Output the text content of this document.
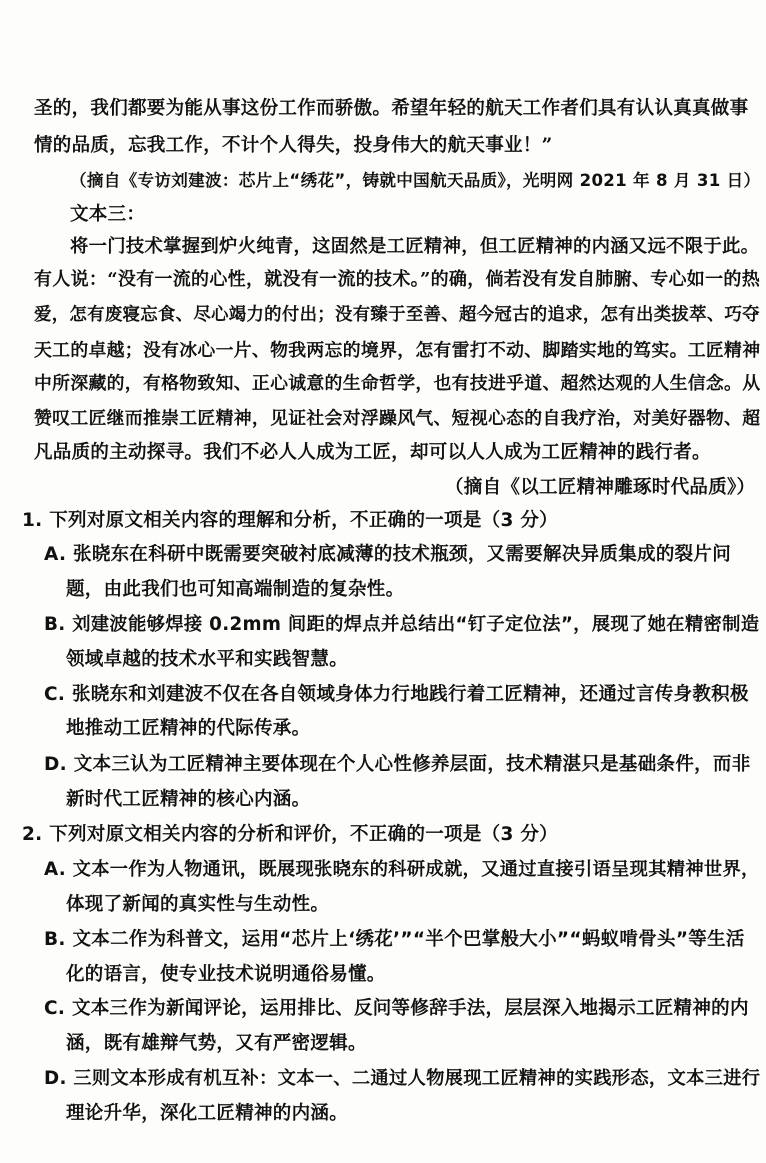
圣的，我们都要为能从事这份工作而骄傲。希望年轻的航天工作者们具有认认真真做事
情的品质，忘我工作，不计个人得失，投身伟大的航天事业！”
（摘自《专访刘建波：芯片上“绣花”，铸就中国航天品质》，光明网 2021 年 8 月 31 日）
文本三：
将一门技术掌握到炉火纯青，这固然是工匠精神，但工匠精神的内涵又远不限于此。
有人说：“没有一流的心性，就没有一流的技术。”的确，倘若没有发自肺腑、专心如一的热
爱，怎有废寝忘食、尽心竭力的付出；没有臻于至善、超今冠古的追求，怎有出类拔萃、巧夺
天工的卓越；没有冰心一片、物我两忘的境界，怎有雷打不动、脚踏实地的笃实。工匠精神
中所深藏的，有格物致知、正心诚意的生命哲学，也有技进乎道、超然达观的人生信念。从
赞叹工匠继而推崇工匠精神，见证社会对浮躁风气、短视心态的自我疗治，对美好器物、超
凡品质的主动探寻。我们不必人人成为工匠，却可以人人成为工匠精神的践行者。
（摘自《以工匠精神雕琢时代品质》）
1. 下列对原文相关内容的理解和分析，不正确的一项是（3 分）
A. 张晓东在科研中既需要突破衬底减薄的技术瓶颈，又需要解决异质集成的裂片问
题，由此我们也可知高端制造的复杂性。
B. 刘建波能够焊接 0.2mm 间距的焊点并总结出“钉子定位法”，展现了她在精密制造
领域卓越的技术水平和实践智慧。
C. 张晓东和刘建波不仅在各自领域身体力行地践行着工匠精神，还通过言传身教积极
地推动工匠精神的代际传承。
D. 文本三认为工匠精神主要体现在个人心性修养层面，技术精湛只是基础条件，而非
新时代工匠精神的核心内涵。
2. 下列对原文相关内容的分析和评价，不正确的一项是（3 分）
A. 文本一作为人物通讯，既展现张晓东的科研成就，又通过直接引语呈现其精神世界，
体现了新闻的真实性与生动性。
B. 文本二作为科普文，运用“芯片上‘绣花’”“半个巴掌般大小”“蚂蚁啃骨头”等生活
化的语言，使专业技术说明通俗易懂。
C. 文本三作为新闻评论，运用排比、反问等修辞手法，层层深入地揭示工匠精神的内
涵，既有雄辩气势，又有严密逻辑。
D. 三则文本形成有机互补：文本一、二通过人物展现工匠精神的实践形态，文本三进行
理论升华，深化工匠精神的内涵。
